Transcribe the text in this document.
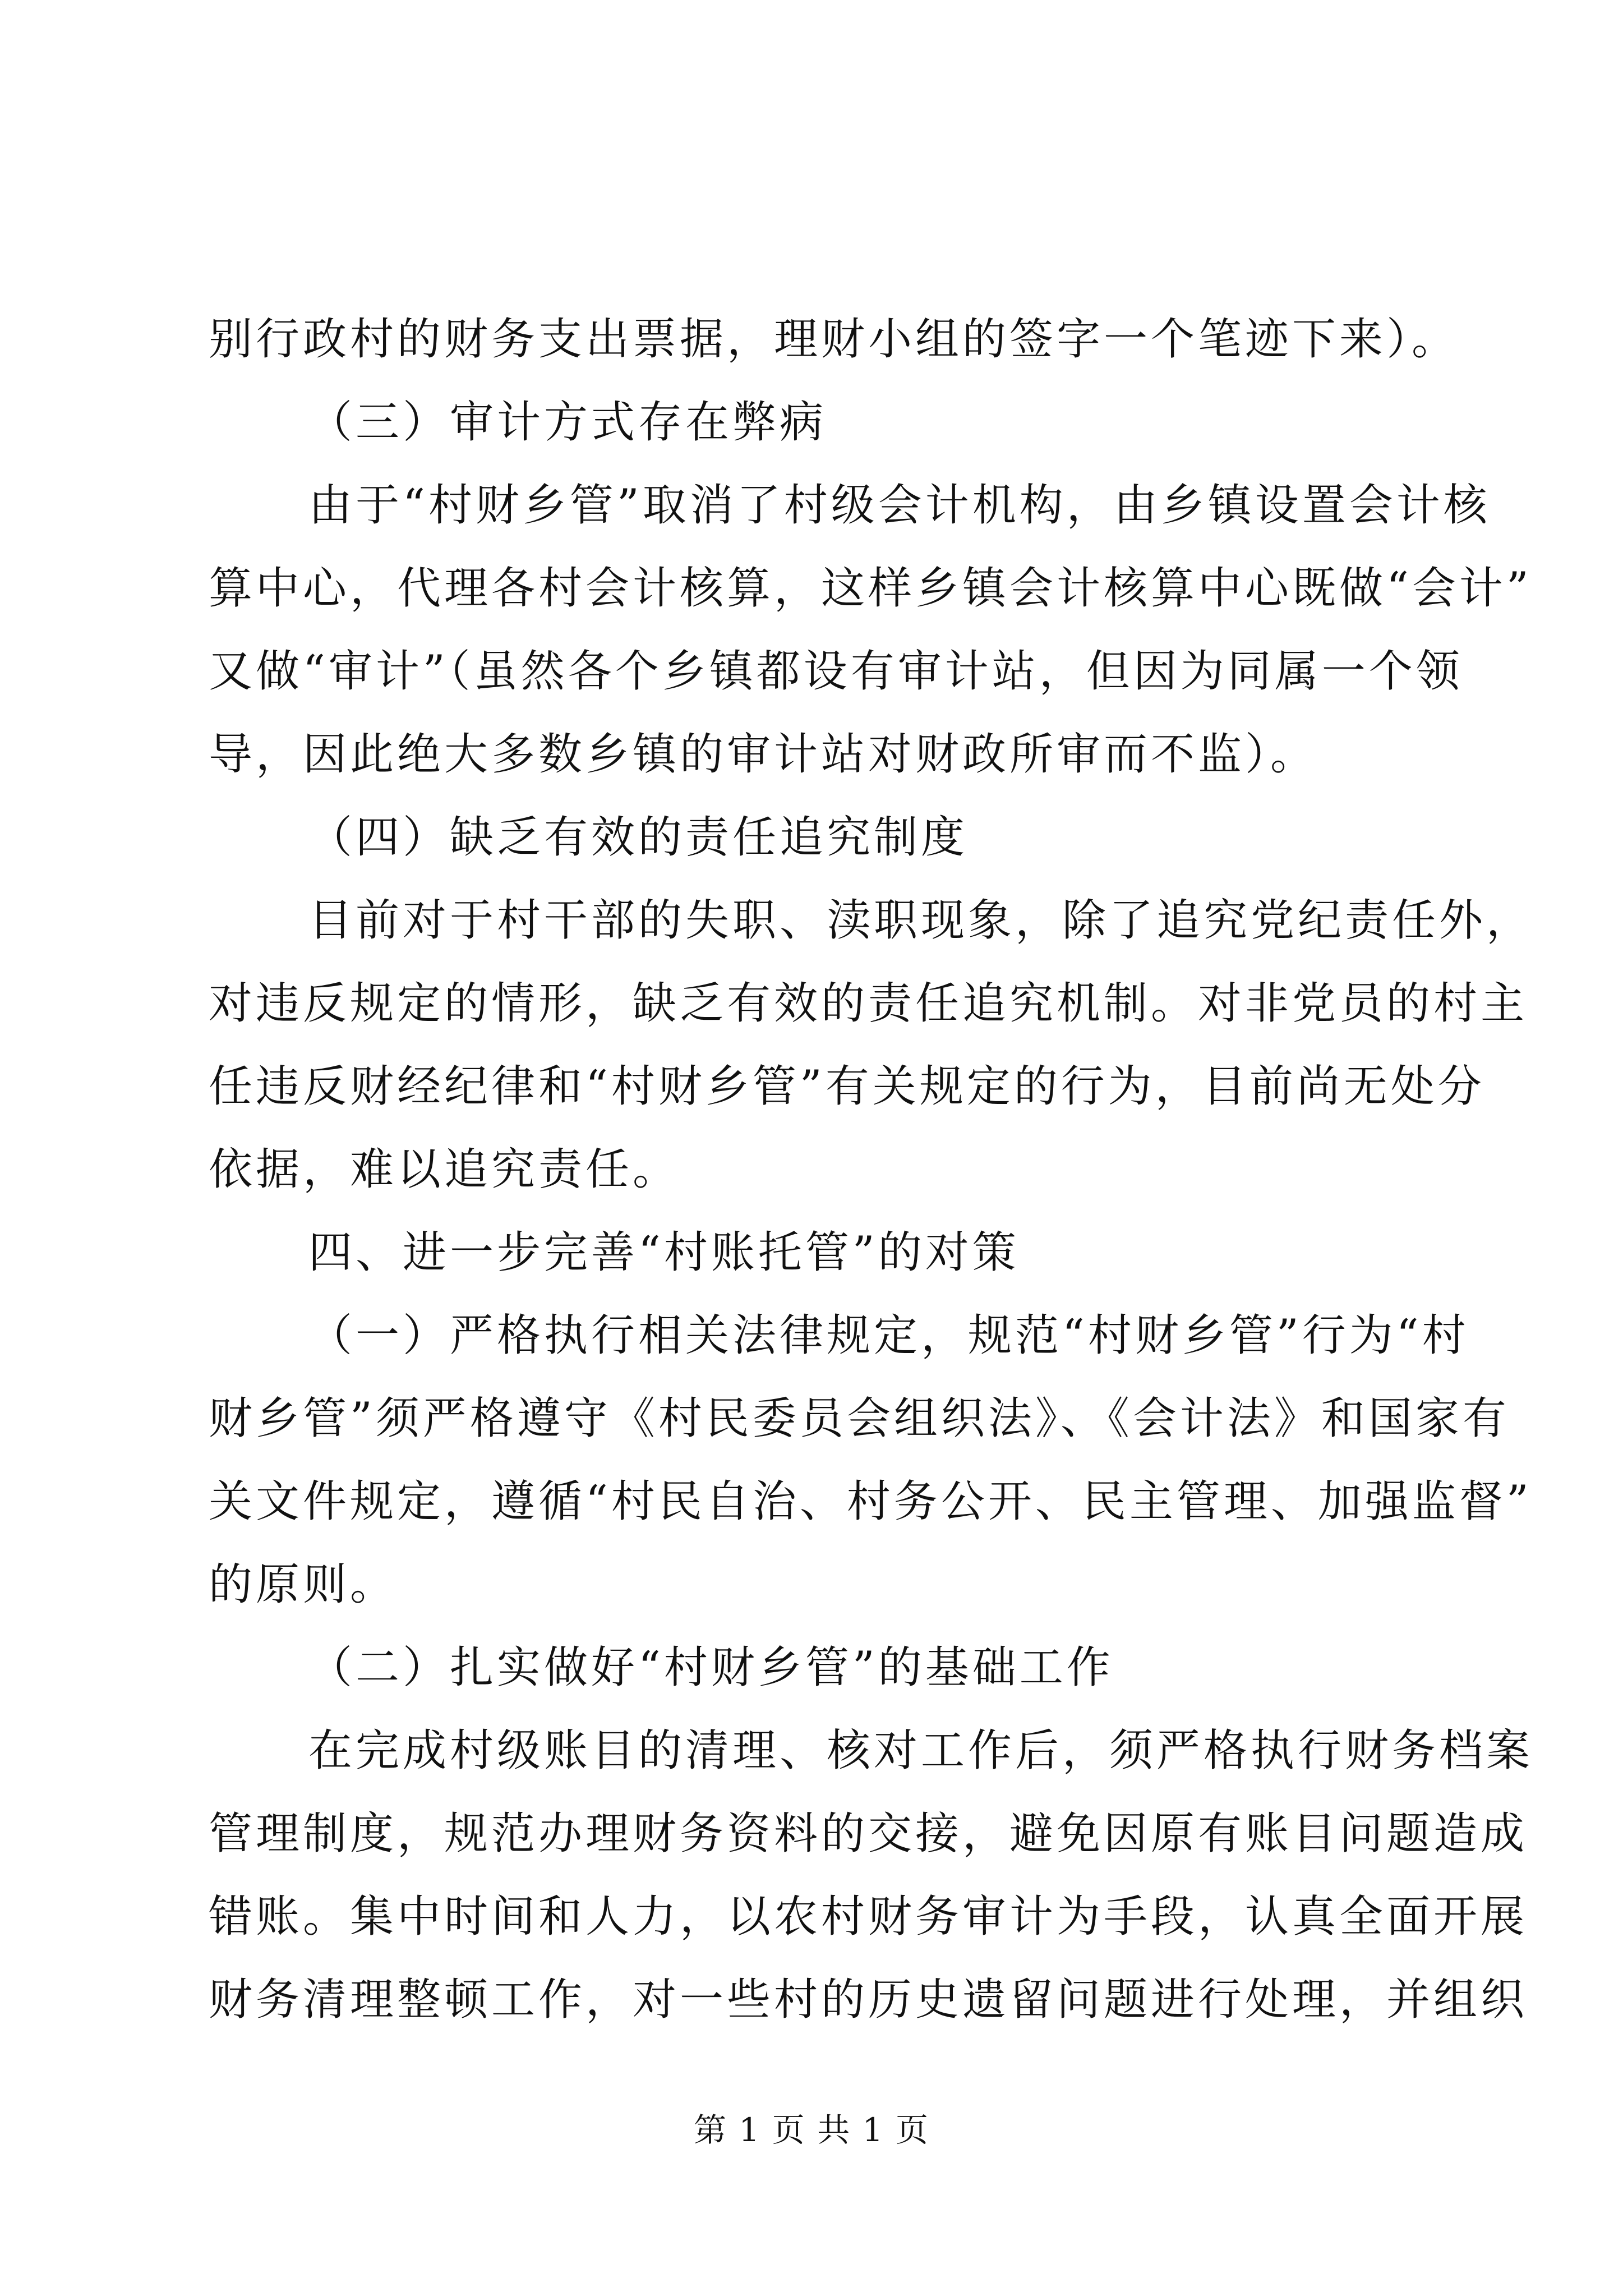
别行政村的财务支出票据，理财小组的签字一个笔迹下来）。
（三）审计方式存在弊病
由于“村财乡管”取消了村级会计机构，由乡镇设置会计核
算中心，代理各村会计核算，这样乡镇会计核算中心既做“会计”
又做“审计”（虽然各个乡镇都设有审计站，但因为同属一个领
导，因此绝大多数乡镇的审计站对财政所审而不监）。
（四）缺乏有效的责任追究制度
目前对于村干部的失职、渎职现象，除了追究党纪责任外，
对违反规定的情形，缺乏有效的责任追究机制。对非党员的村主
任违反财经纪律和“村财乡管”有关规定的行为，目前尚无处分
依据，难以追究责任。
四、进一步完善“村账托管”的对策
（一）严格执行相关法律规定，规范“村财乡管”行为“村
财乡管”须严格遵守《村民委员会组织法》、《会计法》和国家有
关文件规定，遵循“村民自治、村务公开、民主管理、加强监督”
的原则。
（二）扎实做好“村财乡管”的基础工作
在完成村级账目的清理、核对工作后，须严格执行财务档案
管理制度，规范办理财务资料的交接，避免因原有账目问题造成
错账。集中时间和人力，以农村财务审计为手段，认真全面开展
财务清理整顿工作，对一些村的历史遗留问题进行处理，并组织
第 1 页 共 1 页
